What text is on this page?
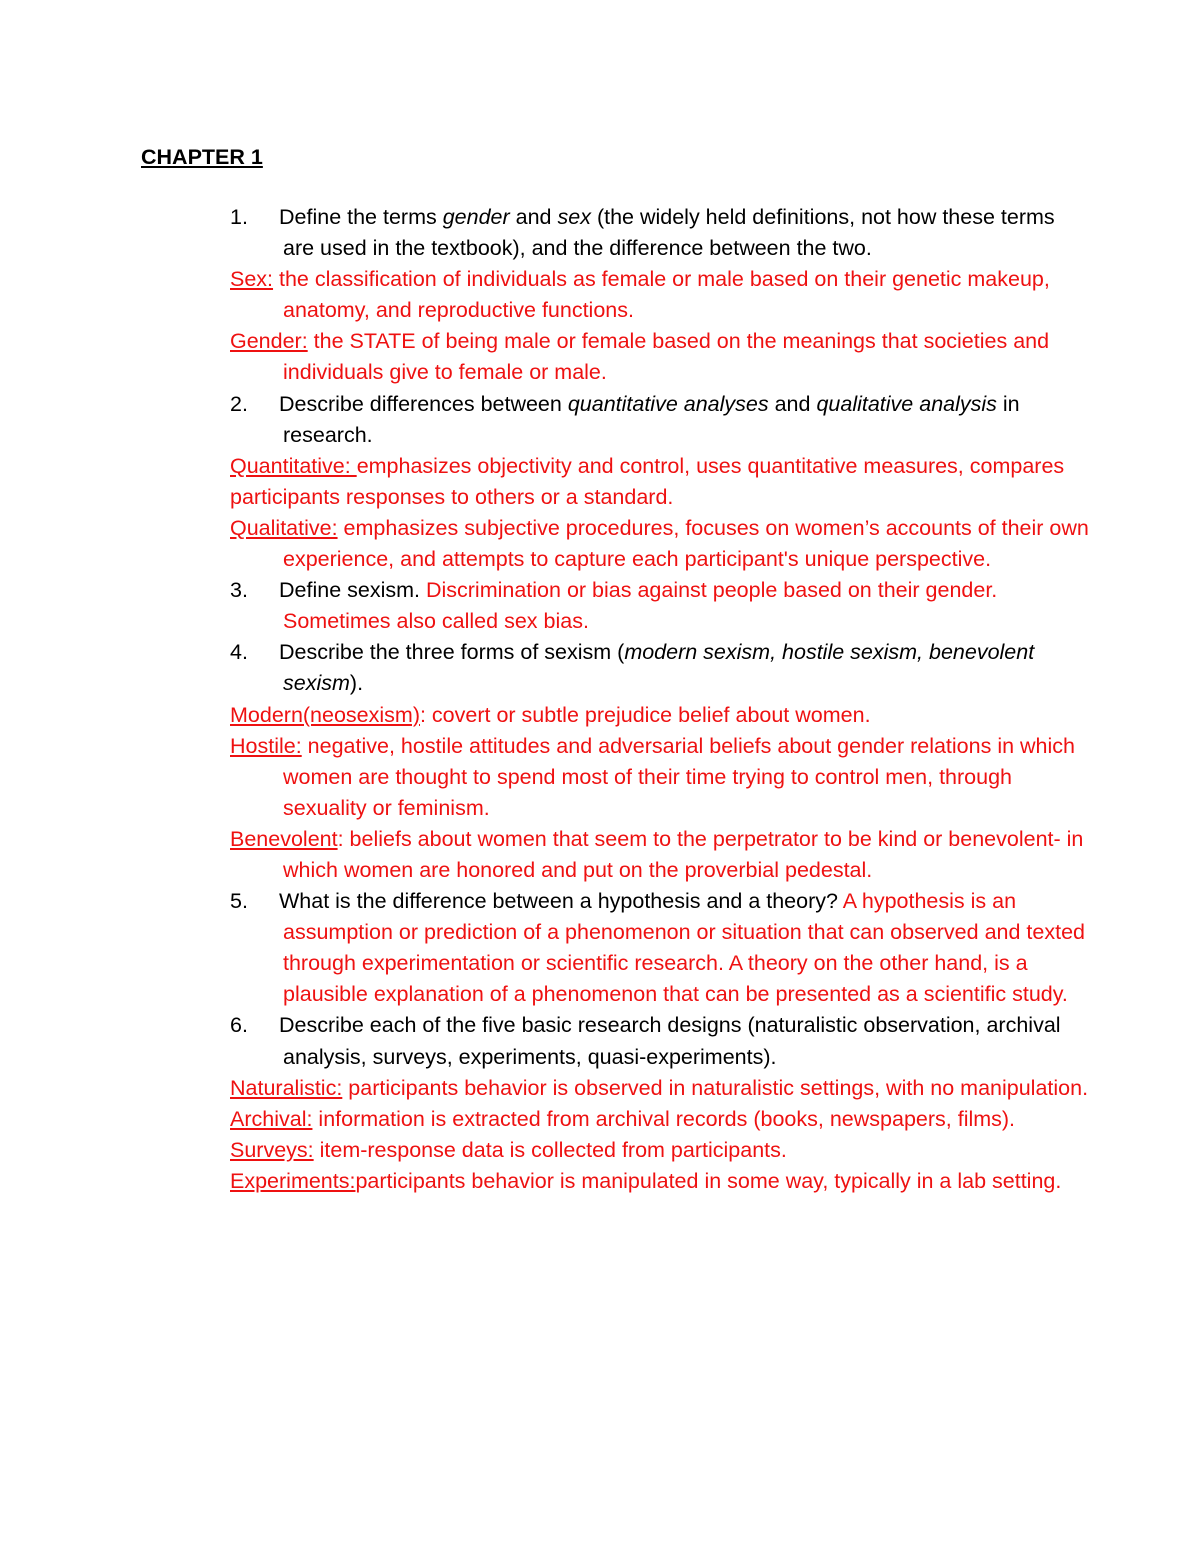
CHAPTER 1

1. Define the terms gender and sex (the widely held definitions, not how these terms are used in the textbook), and the difference between the two.

Sex: the classification of individuals as female or male based on their genetic makeup, anatomy, and reproductive functions.

Gender: the STATE of being male or female based on the meanings that societies and individuals give to female or male.

2. Describe differences between quantitative analyses and qualitative analysis in research.

Quantitative: emphasizes objectivity and control, uses quantitative measures, compares participants responses to others or a standard.

Qualitative: emphasizes subjective procedures, focuses on women’s accounts of their own experience, and attempts to capture each participant's unique perspective.

3. Define sexism. Discrimination or bias against people based on their gender. Sometimes also called sex bias.

4. Describe the three forms of sexism (modern sexism, hostile sexism, benevolent sexism).

Modern(neosexism): covert or subtle prejudice belief about women.

Hostile: negative, hostile attitudes and adversarial beliefs about gender relations in which women are thought to spend most of their time trying to control men, through sexuality or feminism.

Benevolent: beliefs about women that seem to the perpetrator to be kind or benevolent- in which women are honored and put on the proverbial pedestal.

5. What is the difference between a hypothesis and a theory? A hypothesis is an assumption or prediction of a phenomenon or situation that can observed and texted through experimentation or scientific research. A theory on the other hand, is a plausible explanation of a phenomenon that can be presented as a scientific study.

6. Describe each of the five basic research designs (naturalistic observation, archival analysis, surveys, experiments, quasi-experiments).

Naturalistic: participants behavior is observed in naturalistic settings, with no manipulation.

Archival: information is extracted from archival records (books, newspapers, films).

Surveys: item-response data is collected from participants.

Experiments:participants behavior is manipulated in some way, typically in a lab setting.
